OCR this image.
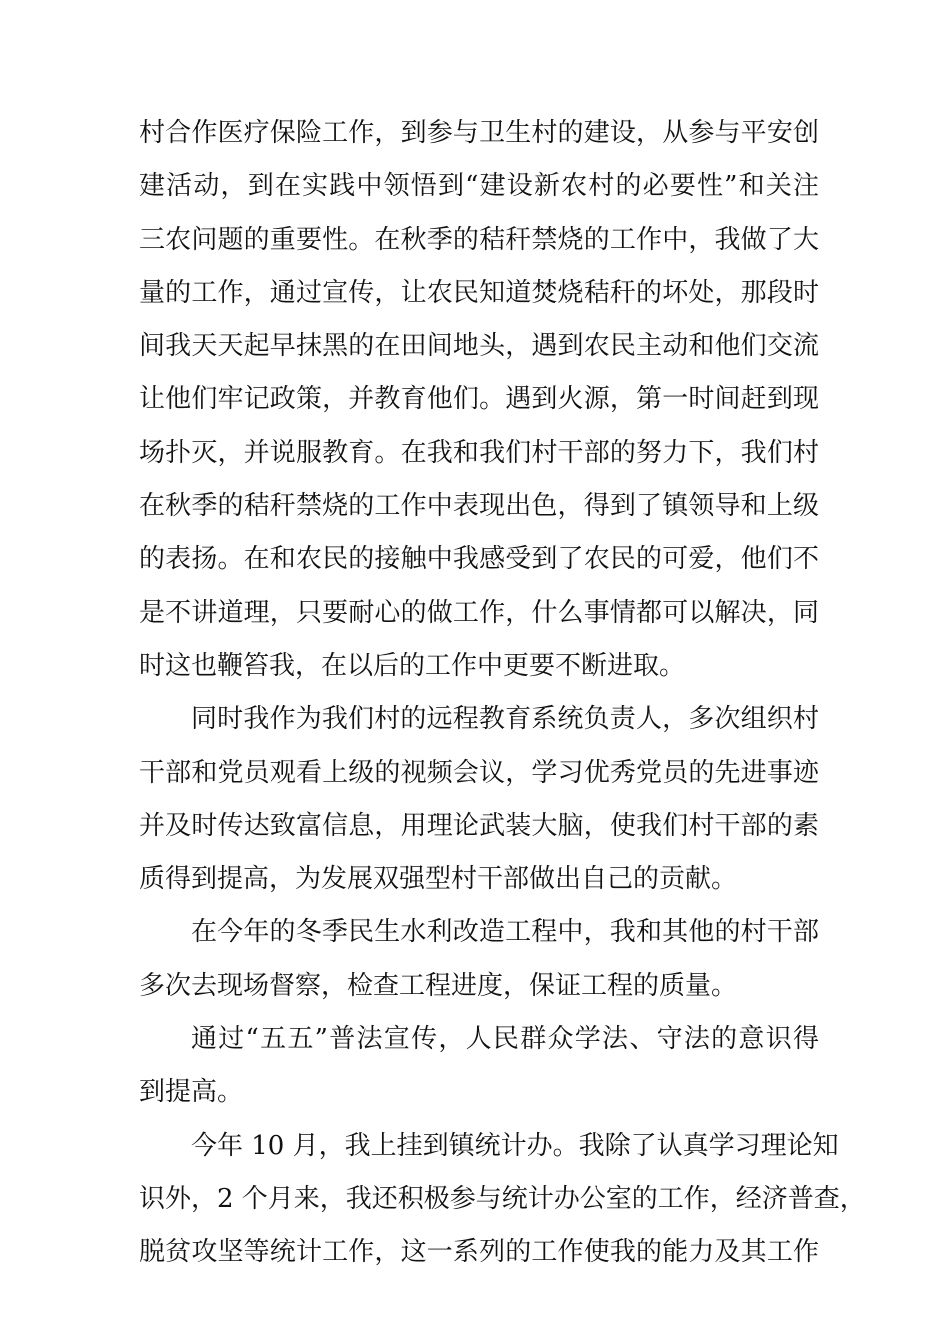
村合作医疗保险工作，到参与卫生村的建设，从参与平安创
建活动，到在实践中领悟到“建设新农村的必要性”和关注
三农问题的重要性。在秋季的秸秆禁烧的工作中，我做了大
量的工作，通过宣传，让农民知道焚烧秸秆的坏处，那段时
间我天天起早抹黑的在田间地头，遇到农民主动和他们交流
让他们牢记政策，并教育他们。遇到火源，第一时间赶到现
场扑灭，并说服教育。在我和我们村干部的努力下，我们村
在秋季的秸秆禁烧的工作中表现出色，得到了镇领导和上级
的表扬。在和农民的接触中我感受到了农民的可爱，他们不
是不讲道理，只要耐心的做工作，什么事情都可以解决，同
时这也鞭笞我，在以后的工作中更要不断进取。
同时我作为我们村的远程教育系统负责人，多次组织村
干部和党员观看上级的视频会议，学习优秀党员的先进事迹
并及时传达致富信息，用理论武装大脑，使我们村干部的素
质得到提高，为发展双强型村干部做出自己的贡献。
在今年的冬季民生水利改造工程中，我和其他的村干部
多次去现场督察，检查工程进度，保证工程的质量。
通过“五五”普法宣传，人民群众学法、守法的意识得
到提高。
今年 10 月，我上挂到镇统计办。我除了认真学习理论知
识外，2 个月来，我还积极参与统计办公室的工作，经济普查，
脱贫攻坚等统计工作，这一系列的工作使我的能力及其工作
